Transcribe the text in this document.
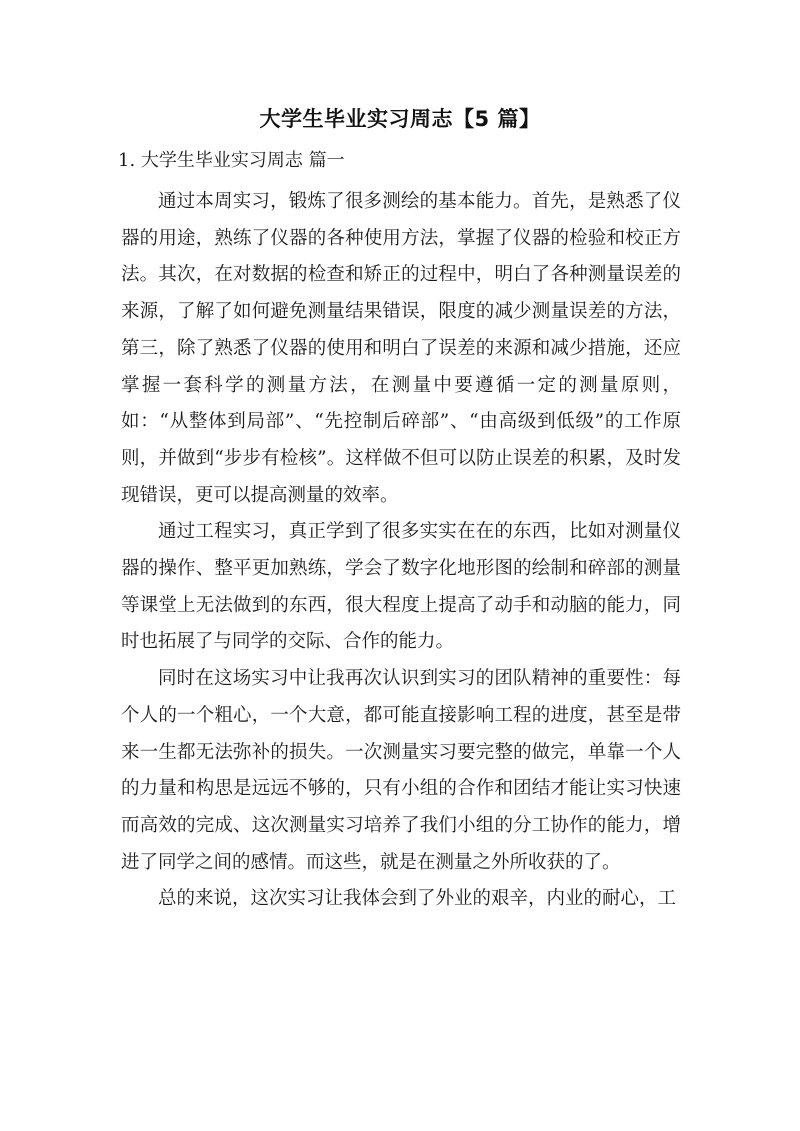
大学生毕业实习周志【5 篇】
1. 大学生毕业实习周志 篇一

通过本周实习，锻炼了很多测绘的基本能力。首先，是熟悉了仪器的用途，熟练了仪器的各种使用方法，掌握了仪器的检验和校正方法。其次，在对数据的检查和矫正的过程中，明白了各种测量误差的来源，了解了如何避免测量结果错误，限度的减少测量误差的方法，第三，除了熟悉了仪器的使用和明白了误差的来源和减少措施，还应掌握一套科学的测量方法，在测量中要遵循一定的测量原则，如：“从整体到局部”、“先控制后碎部”、“由高级到低级”的工作原则，并做到“步步有检核”。这样做不但可以防止误差的积累，及时发现错误，更可以提高测量的效率。

通过工程实习，真正学到了很多实实在在的东西，比如对测量仪器的操作、整平更加熟练，学会了数字化地形图的绘制和碎部的测量等课堂上无法做到的东西，很大程度上提高了动手和动脑的能力，同时也拓展了与同学的交际、合作的能力。

同时在这场实习中让我再次认识到实习的团队精神的重要性：每个人的一个粗心，一个大意，都可能直接影响工程的进度，甚至是带来一生都无法弥补的损失。一次测量实习要完整的做完，单靠一个人的力量和构思是远远不够的，只有小组的合作和团结才能让实习快速而高效的完成、这次测量实习培养了我们小组的分工协作的能力，增进了同学之间的感情。而这些，就是在测量之外所收获的了。

总的来说，这次实习让我体会到了外业的艰辛，内业的耐心，工
